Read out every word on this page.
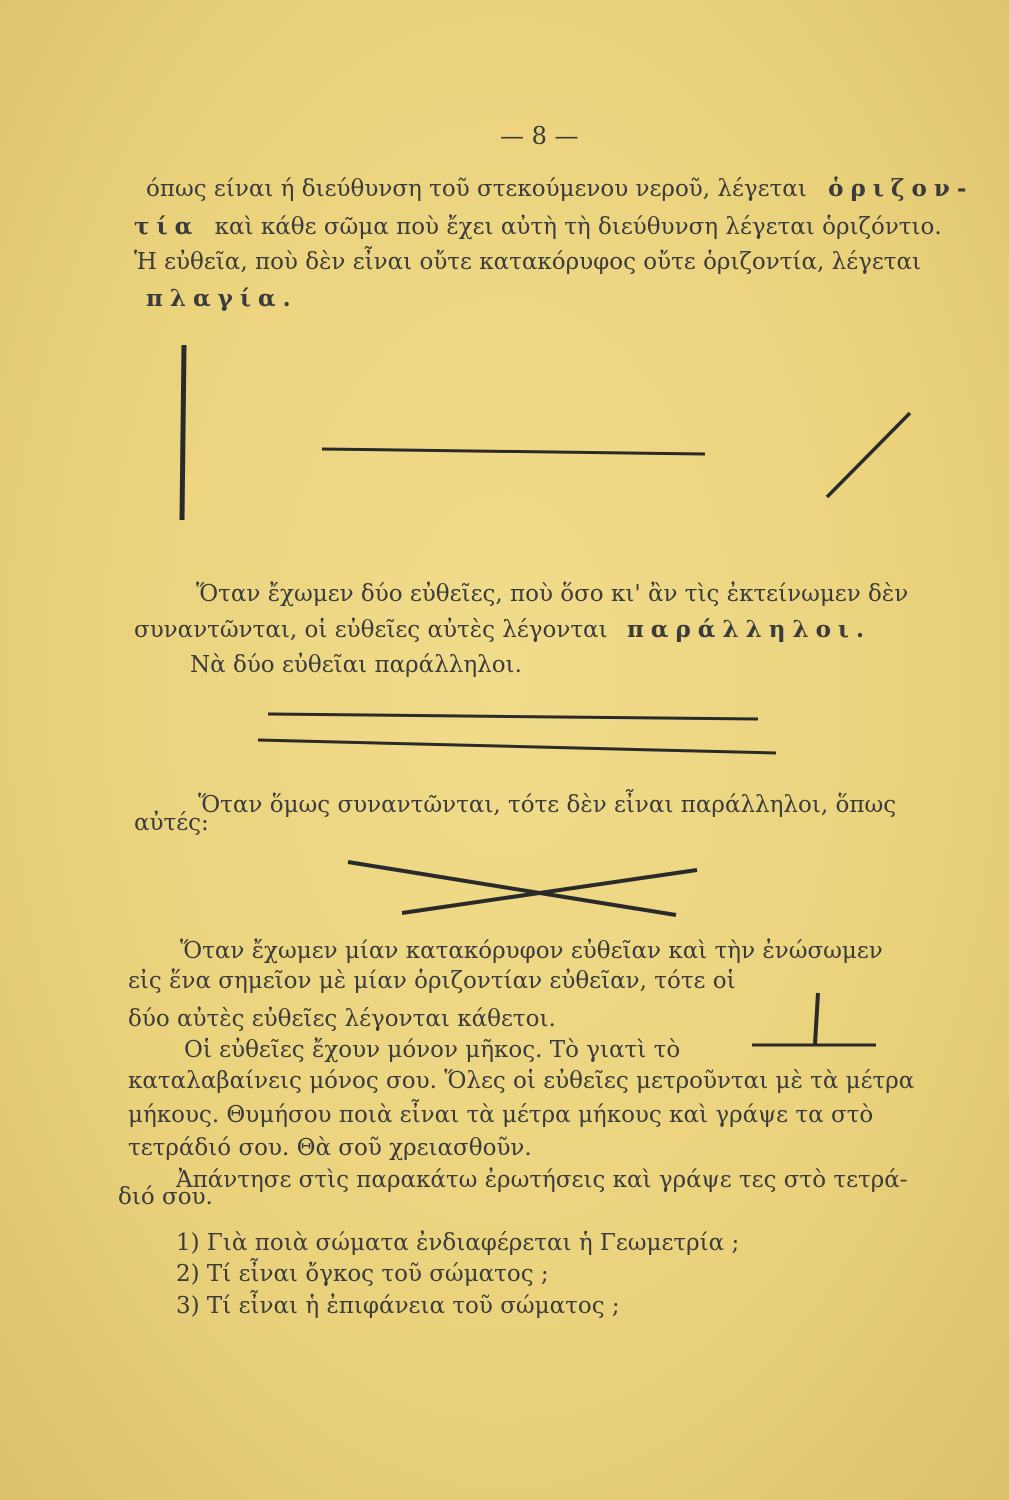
— 8 —
όπως είναι ή διεύθυνση τοῦ στεκούμενου νεροῦ, λέγεται ὁριζον-
τία καὶ κάθε σῶμα ποὺ ἔχει αὐτὴ τὴ διεύθυνση λέγεται ὁριζόντιο.
Ἡ εὐθεῖα, ποὺ δὲν εἶναι οὔτε κατακόρυφος οὔτε ὁριζοντία, λέγεται
πλαγία.
Ὅταν ἔχωμεν δύο εὐθεῖες, ποὺ ὅσο κι' ἂν τὶς ἐκτείνωμεν δὲν
συναντῶνται, οἱ εὐθεῖες αὐτὲς λέγονται παράλληλοι.
Νὰ δύο εὐθεῖαι παράλληλοι.
Ὅταν ὅμως συναντῶνται, τότε δὲν εἶναι παράλληλοι, ὅπως
αὐτές:
Ὅταν ἔχωμεν μίαν κατακόρυφον εὐθεῖαν καὶ τὴν ἐνώσωμεν
εἰς ἕνα σημεῖον μὲ μίαν ὁριζοντίαν εὐθεῖαν, τότε οἱ
δύο αὐτὲς εὐθεῖες λέγονται κάθετοι.
Οἱ εὐθεῖες ἔχουν μόνον μῆκος. Τὸ γιατὶ τὸ
καταλαβαίνεις μόνος σου. Ὅλες οἱ εὐθεῖες μετροῦνται μὲ τὰ μέτρα
μήκους. Θυμήσου ποιὰ εἶναι τὰ μέτρα μήκους καὶ γράψε τα στὸ
τετράδιό σου. Θὰ σοῦ χρειασθοῦν.
Ἀπάντησε στὶς παρακάτω ἐρωτήσεις καὶ γράψε τες στὸ τετρά-
διό σου.
1) Γιὰ ποιὰ σώματα ἐνδιαφέρεται ἡ Γεωμετρία ;
2) Τί εἶναι ὄγκος τοῦ σώματος ;
3) Τί εἶναι ἡ ἐπιφάνεια τοῦ σώματος ;
